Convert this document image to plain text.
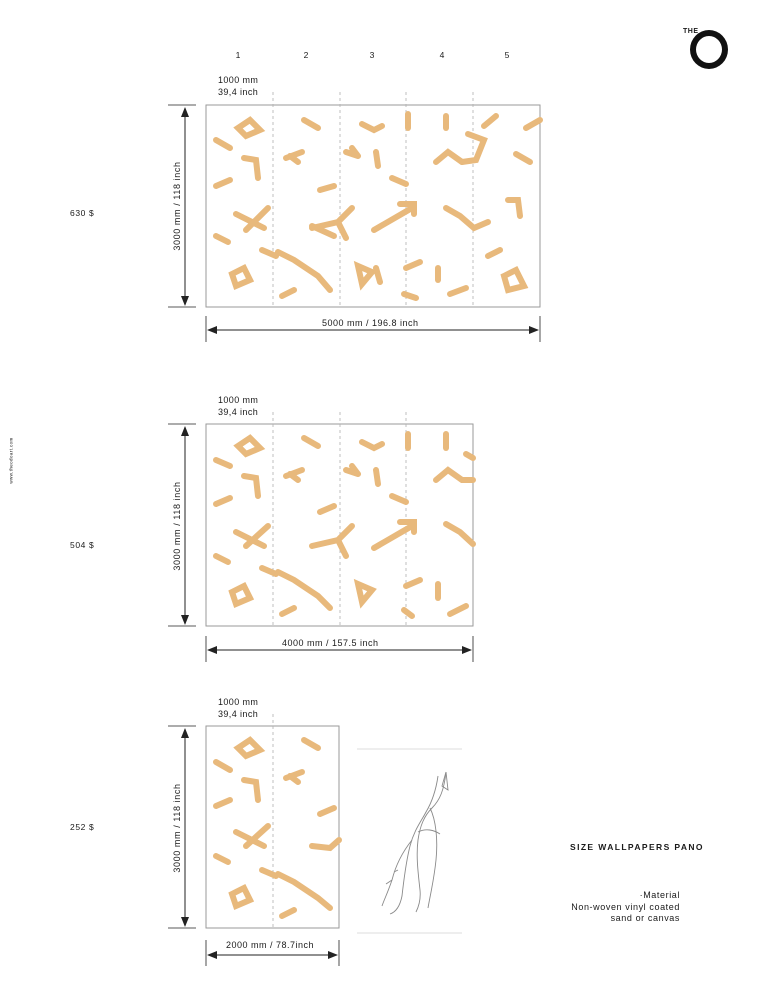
THE
www.theodoart.com
1	2	3	4	5
1000 mm
39,4 inch
1000 mm
39,4 inch
1000 mm
39,4 inch
630 $
504 $
252 $
3000 mm / 118 inch
3000 mm / 118 inch
3000 mm / 118 inch
5000 mm / 196.8 inch
4000 mm / 157.5 inch
2000 mm / 78.7inch
SIZE WALLPAPERS PANO
·Material
Non-woven vinyl coated
sand or canvas
